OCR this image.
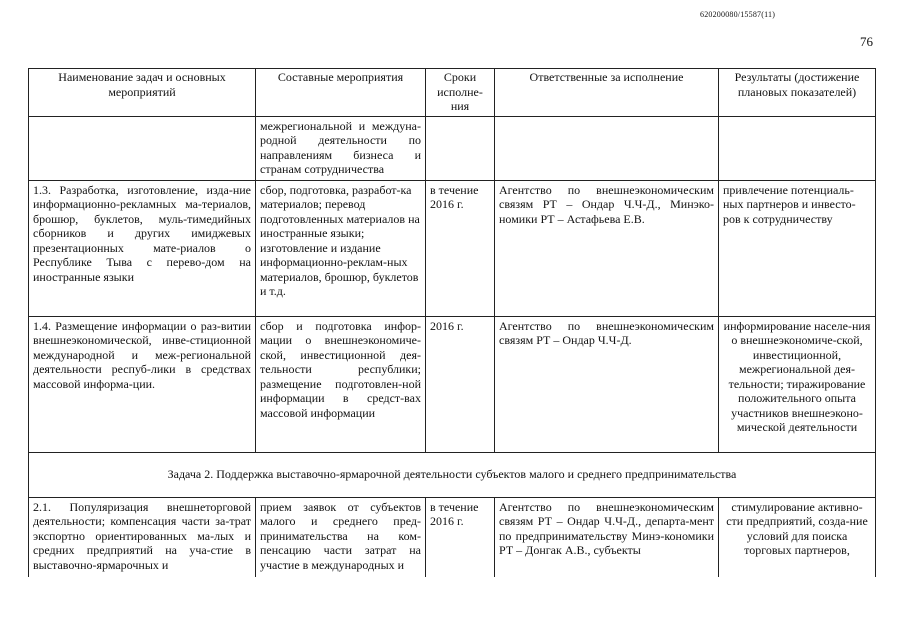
620200080/15587(11)
76
Наименование задач и основных мероприятий	Составные мероприятия	Сроки исполне-ния	Ответственные за исполнение	Результаты (достижение плановых показателей)
	межрегиональной и междуна-родной деятельности по направлениям бизнеса и странам сотрудничества			
1.3. Разработка, изготовление, изда-ние информационно-рекламных ма-териалов, брошюр, буклетов, муль-тимедийных сборников и других имиджевых презентационных мате-риалов о Республике Тыва с перево-дом на иностранные языки	сбор, подготовка, разработ-ка материалов; перевод подготовленных материалов на иностранные языки; изготовление и издание информационно-реклам-ных материалов, брошюр, буклетов и т.д.	в течение 2016 г.	Агентство по внешнеэкономическим связям РТ – Ондар Ч.Ч-Д., Минэко-номики РТ – Астафьева Е.В.	привлечение потенциаль-ных партнеров и инвесто-ров к сотрудничеству
1.4. Размещение информации о раз-витии внешнеэкономической, инве-стиционной международной и меж-региональной деятельности респуб-лики в средствах массовой информа-ции.	сбор и подготовка инфор-мации о внешнеэкономиче-ской, инвестиционной дея-тельности республики; размещение подготовлен-ной информации в средст-вах массовой информации	2016 г.	Агентство по внешнеэкономическим связям РТ – Ондар Ч.Ч-Д.	информирование населе-ния о внешнеэкономиче-ской, инвестиционной, межрегиональной дея-тельности; тиражирование положительного опыта участников внешнеэконо-мической деятельности
Задача 2. Поддержка выставочно-ярмарочной деятельности субъектов малого и среднего предпринимательства				
2.1. Популяризация внешнеторговой деятельности; компенсация части за-трат экспортно ориентированных ма-лых и средних предприятий на уча-стие в выставочно-ярмарочных и	прием заявок от субъектов малого и среднего пред-принимательства на ком-пенсацию части затрат на участие в международных и	в течение 2016 г.	Агентство по внешнеэкономическим связям РТ – Ондар Ч.Ч-Д., департа-мент по предпринимательству Минэ-кономики РТ – Донгак А.В., субъекты	стимулирование активно-сти предприятий, созда-ние условий для поиска торговых партнеров,
